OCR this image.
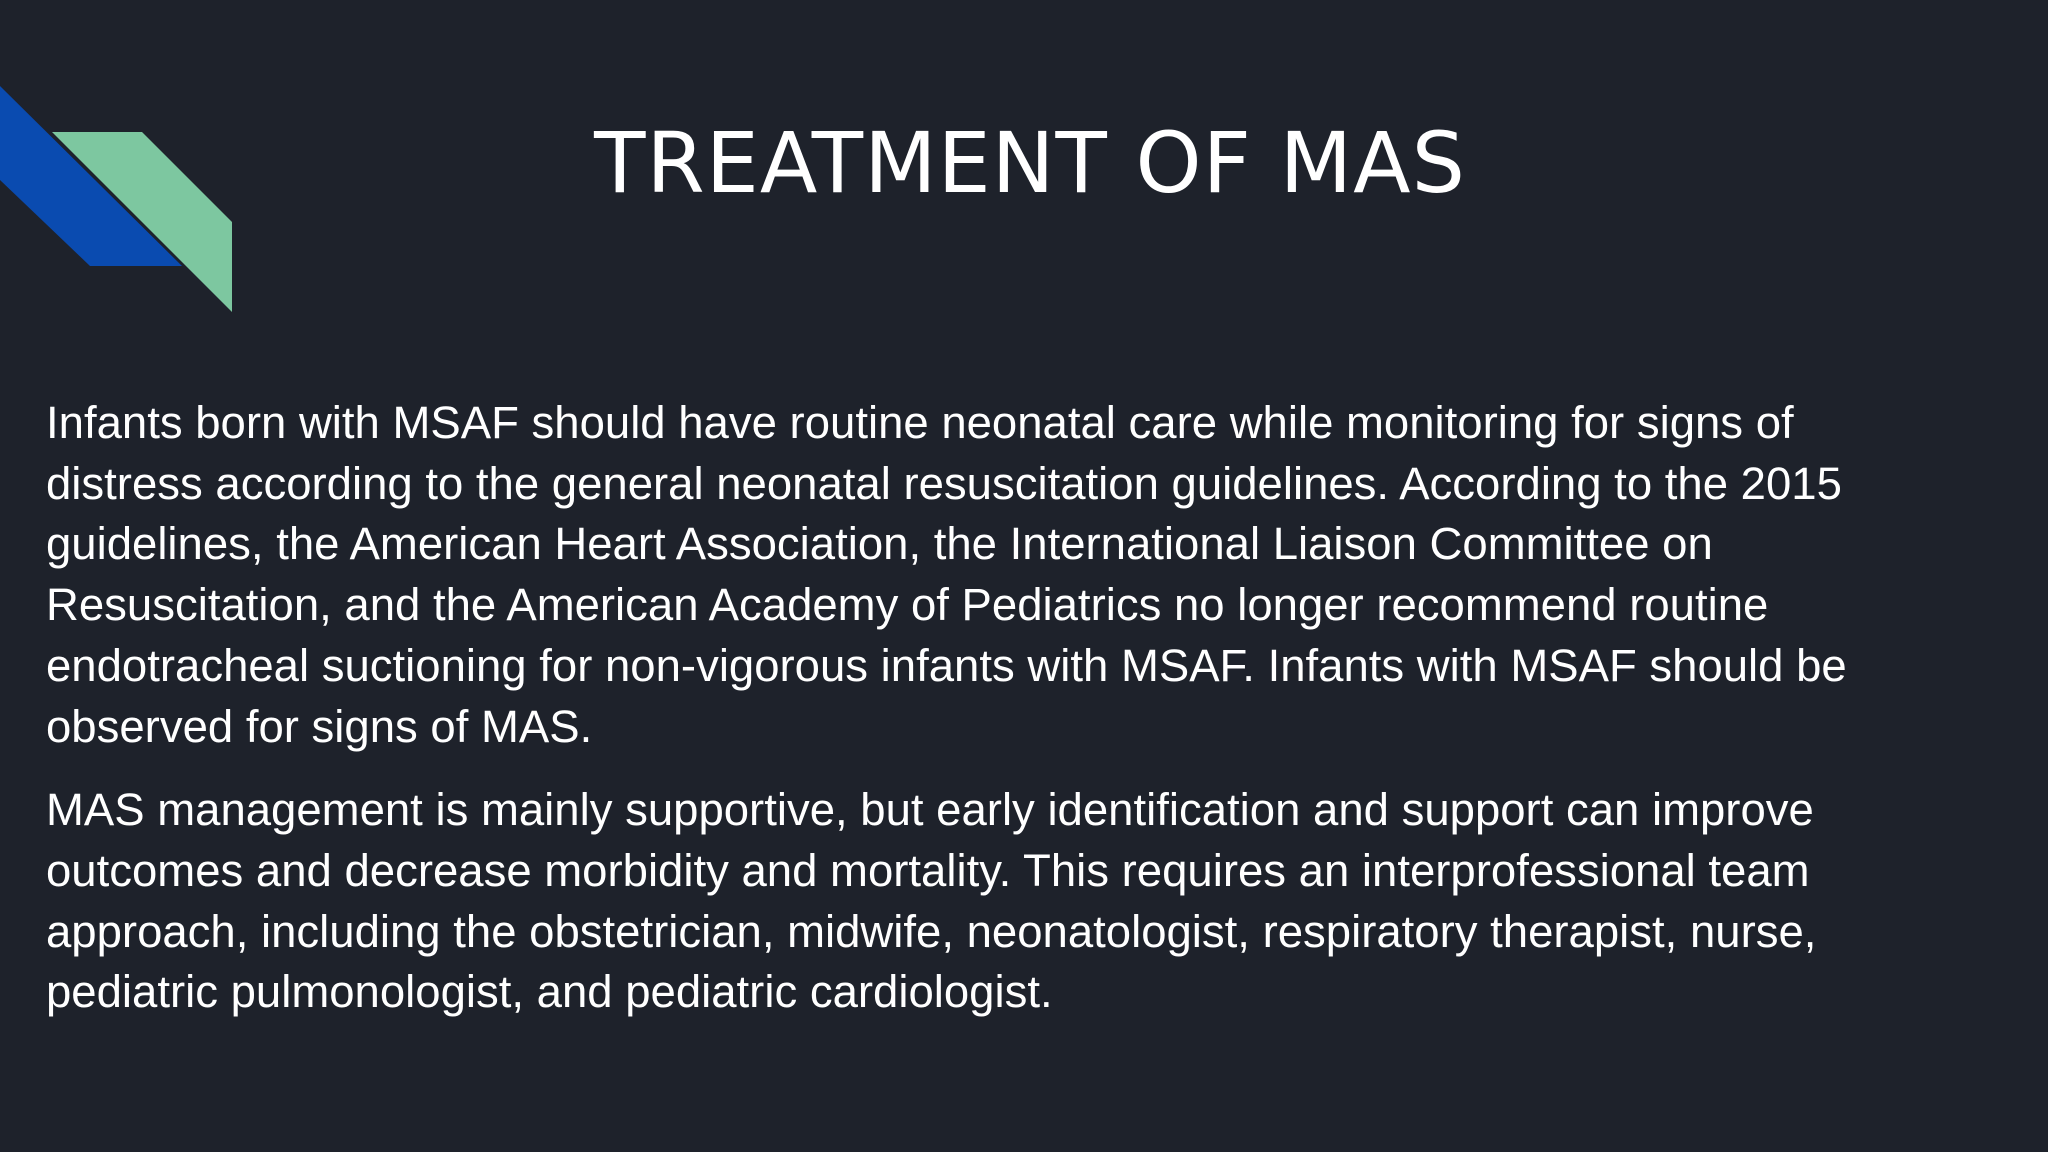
TREATMENT OF MAS

Infants born with MSAF should have routine neonatal care while monitoring for signs of
distress according to the general neonatal resuscitation guidelines. According to the 2015
guidelines, the American Heart Association, the International Liaison Committee on
Resuscitation, and the American Academy of Pediatrics no longer recommend routine
endotracheal suctioning for non-vigorous infants with MSAF. Infants with MSAF should be
observed for signs of MAS.

MAS management is mainly supportive, but early identification and support can improve
outcomes and decrease morbidity and mortality. This requires an interprofessional team
approach, including the obstetrician, midwife, neonatologist, respiratory therapist, nurse,
pediatric pulmonologist, and pediatric cardiologist.
